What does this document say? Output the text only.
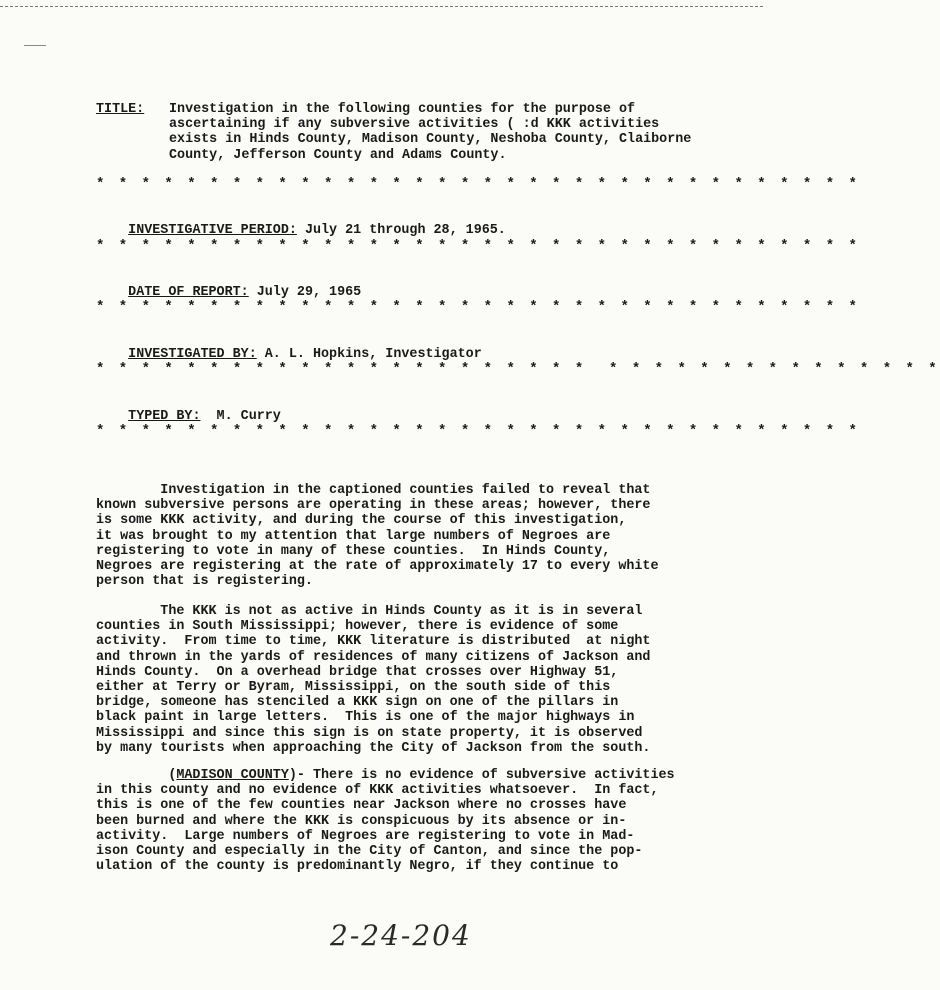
TITLE: Investigation in the following counties for the purpose of
ascertaining if any subversive activities ( :d KKK activities
exists in Hinds County, Madison County, Neshoba County, Claiborne
County, Jefferson County and Adams County.
* * * * * * * * * * * * * * * * * * * * * * * * * * * * * * * * * *

INVESTIGATIVE PERIOD: July 21 through 28, 1965.

* * * * * * * * * * * * * * * * * * * * * * * * * * * * * * * * * *

DATE OF REPORT: July 29, 1965

* * * * * * * * * * * * * * * * * * * * * * * * * * * * * * * * * *

INVESTIGATED BY: A. L. Hopkins, Investigator

* * * * * * * * * * * * * * * * * * * * * *  * * * * * * * * * * * * * * *

TYPED BY:  M. Curry

* * * * * * * * * * * * * * * * * * * * * * * * * * * * * * * * * *
Investigation in the captioned counties failed to reveal that
known subversive persons are operating in these areas; however, there
is some KKK activity, and during the course of this investigation,
it was brought to my attention that large numbers of Negroes are
registering to vote in many of these counties.  In Hinds County,
Negroes are registering at the rate of approximately 17 to every white
person that is registering.
The KKK is not as active in Hinds County as it is in several
counties in South Mississippi; however, there is evidence of some
activity.  From time to time, KKK literature is distributed  at night
and thrown in the yards of residences of many citizens of Jackson and
Hinds County.  On a overhead bridge that crosses over Highway 51,
either at Terry or Byram, Mississippi, on the south side of this
bridge, someone has stenciled a KKK sign on one of the pillars in
black paint in large letters.  This is one of the major highways in
Mississippi and since this sign is on state property, it is observed
by many tourists when approaching the City of Jackson from the south.
(MADISON COUNTY)- There is no evidence of subversive activities
in this county and no evidence of KKK activities whatsoever.  In fact,
this is one of the few counties near Jackson where no crosses have
been burned and where the KKK is conspicuous by its absence or in-
activity.  Large numbers of Negroes are registering to vote in Mad-
ison County and especially in the City of Canton, and since the pop-
ulation of the county is predominantly Negro, if they continue to
2-24-204
